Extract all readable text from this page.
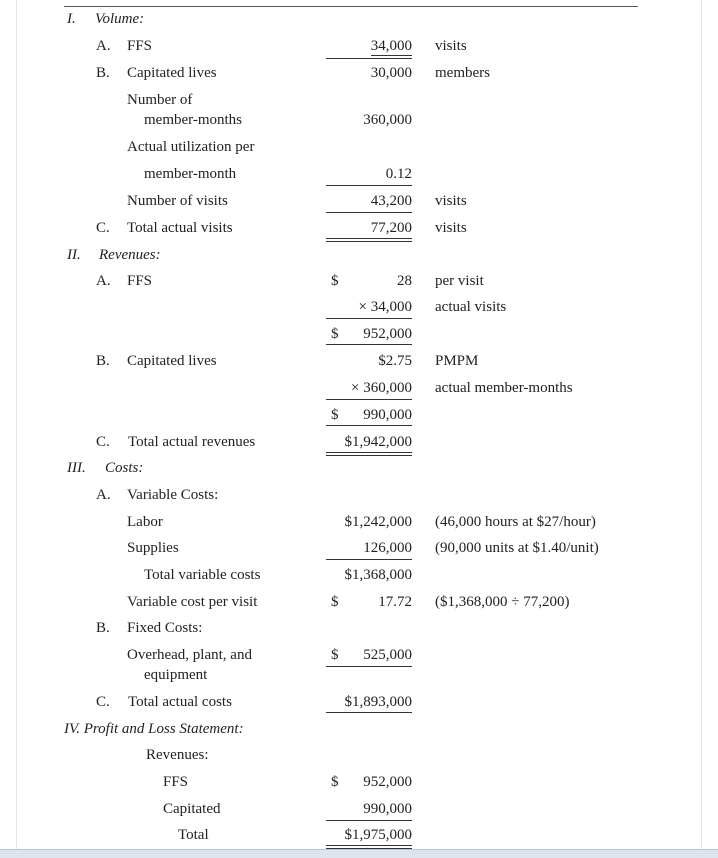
I. Volume:
A. FFS	34,000 visits
B. Capitated lives	30,000 members
Number of
member-months	360,000
Actual utilization per
member-month	0.12
Number of visits	43,200 visits
C. Total actual visits	77,200 visits
II. Revenues:
A. FFS	$	28 per visit
× 34,000 actual visits
$	952,000
B. Capitated lives	$2.75 PMPM
× 360,000 actual member-months
$	990,000
C. Total actual revenues	$1,942,000
III. Costs:
A. Variable Costs:
Labor	$1,242,000 (46,000 hours at $27/hour)
Supplies	126,000 (90,000 units at $1.40/unit)
Total variable costs	$1,368,000
Variable cost per visit	$	17.72 ($1,368,000 ÷ 77,200)
B. Fixed Costs:
Overhead, plant, and	$	525,000
equipment
C. Total actual costs	$1,893,000
IV. Profit and Loss Statement:
Revenues:
FFS	$	952,000
Capitated	990,000
Total	$1,975,000
